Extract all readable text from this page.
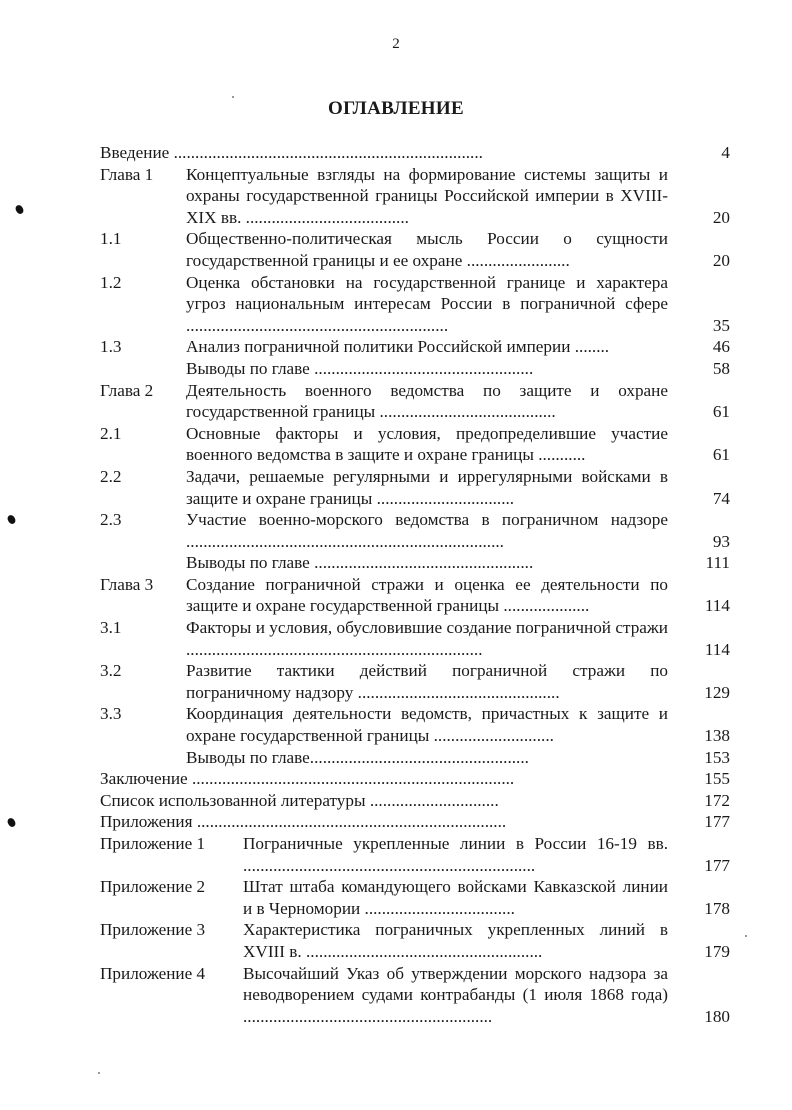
2
ОГЛАВЛЕНИЕ
Введение ........................................................................	4
Глава 1	Концептуальные взгляды на формирование системы защиты и охраны государственной границы Российской империи в XVIII-XIX вв. ......................................	20
1.1	Общественно-политическая мысль России о сущности государственной границы и ее охране ........................	20
1.2	Оценка обстановки на государственной границе и характера угроз национальным интересам России в пограничной сфере .............................................................	35
1.3	Анализ пограничной политики Российской империи ........	46
Выводы по главе ...................................................	58
Глава 2	Деятельность военного ведомства по защите и охране государственной границы .........................................	61
2.1	Основные факторы и условия, предопределившие участие военного ведомства в защите и охране границы ...........	61
2.2	Задачи, решаемые регулярными и иррегулярными войсками в защите и охране границы ................................	74
2.3	Участие военно-морского ведомства в пограничном надзоре ..........................................................................	93
Выводы по главе ...................................................	111
Глава 3	Создание пограничной стражи и оценка ее деятельности по защите и охране государственной границы ....................	114
3.1	Факторы и условия, обусловившие создание пограничной стражи .....................................................................	114
3.2	Развитие тактики действий пограничной стражи по пограничному надзору ...............................................	129
3.3	Координация деятельности ведомств, причастных к защите и охране государственной границы ............................	138
Выводы по главе...................................................	153
Заключение ...........................................................................	155
Список использованной литературы ..............................	172
Приложения ........................................................................	177
Приложение 1	Пограничные укрепленные линии в России 16-19 вв. ....................................................................	177
Приложение 2	Штат штаба командующего войсками Кавказской линии и в Черномории ...................................	178
Приложение 3	Характеристика пограничных укрепленных линий в XVIII в. .......................................................	179
Приложение 4	Высочайший Указ об утверждении морского надзора за неводворением судами контрабанды (1 июля 1868 года) ..........................................................	180
